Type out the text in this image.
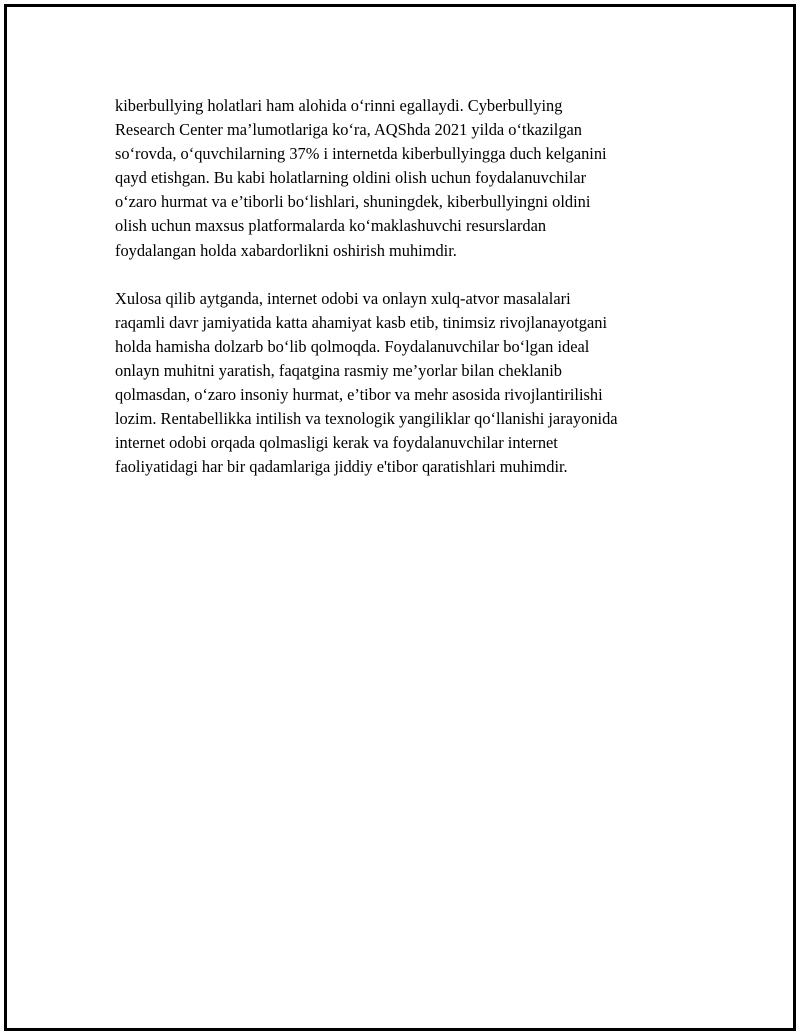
kiberbullying holatlari ham alohida o‘rinni egallaydi. Cyberbullying
Research Center ma’lumotlariga ko‘ra, AQShda 2021 yilda o‘tkazilgan
so‘rovda, o‘quvchilarning 37% i internetda kiberbullyingga duch kelganini
qayd etishgan. Bu kabi holatlarning oldini olish uchun foydalanuvchilar
o‘zaro hurmat va e’tiborli bo‘lishlari, shuningdek, kiberbullyingni oldini
olish uchun maxsus platformalarda ko‘maklashuvchi resurslardan
foydalangan holda xabardorlikni oshirish muhimdir.
Xulosa qilib aytganda, internet odobi va onlayn xulq-atvor masalalari
raqamli davr jamiyatida katta ahamiyat kasb etib, tinimsiz rivojlanayotgani
holda hamisha dolzarb bo‘lib qolmoqda. Foydalanuvchilar bo‘lgan ideal
onlayn muhitni yaratish, faqatgina rasmiy me’yorlar bilan cheklanib
qolmasdan, o‘zaro insoniy hurmat, e’tibor va mehr asosida rivojlantirilishi
lozim. Rentabellikka intilish va texnologik yangiliklar qo‘llanishi jarayonida
internet odobi orqada qolmasligi kerak va foydalanuvchilar internet
faoliyatidagi har bir qadamlariga jiddiy e'tibor qaratishlari muhimdir.
